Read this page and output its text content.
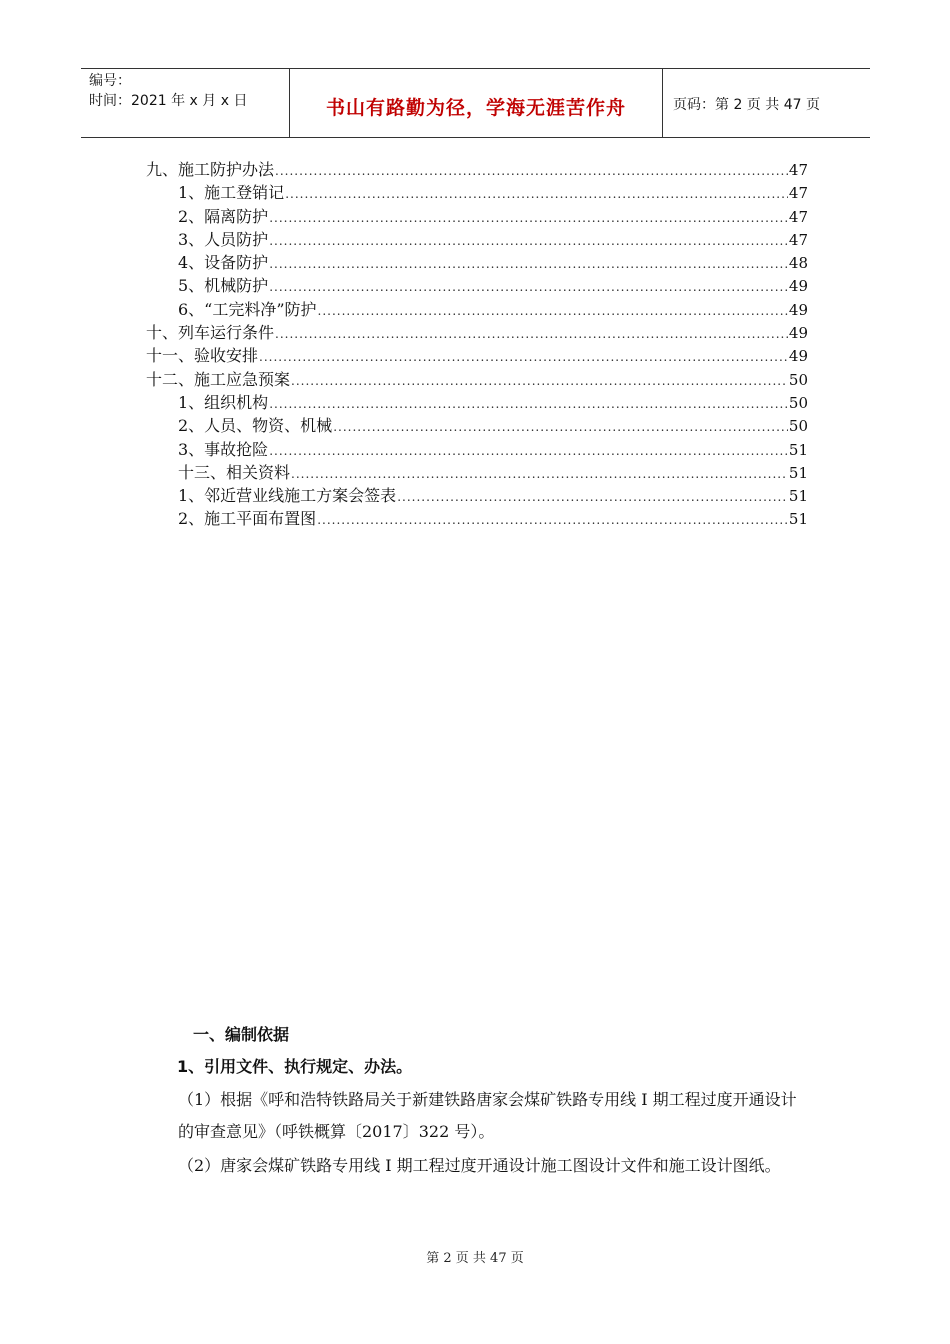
编号：
时间：2021 年 x 月 x 日	书山有路勤为径，学海无涯苦作舟	页码：第 2 页 共 47 页
九、施工防护办法 .....	47
1、施工登销记 .....	47
2、隔离防护 .....	47
3、人员防护 .....	47
4、设备防护 .....	48
5、机械防护 .....	49
6、“工完料净”防护 .....	49
十、列车运行条件 .....	49
十一、验收安排 .....	49
十二、施工应急预案 .....	50
1、组织机构 .....	50
2、人员、物资、机械 .....	50
3、事故抢险 .....	51
十三、相关资料 .....	51
1、邻近营业线施工方案会签表 .....	51
2、施工平面布置图 .....	51
一、编制依据
1、引用文件、执行规定、办法。
（1）根据《呼和浩特铁路局关于新建铁路唐家会煤矿铁路专用线 I 期工程过度开通设计的审查意见》（呼铁概算〔2017〕322 号）。
（2）唐家会煤矿铁路专用线 I 期工程过度开通设计施工图设计文件和施工设计图纸。
第 2 页 共 47 页
